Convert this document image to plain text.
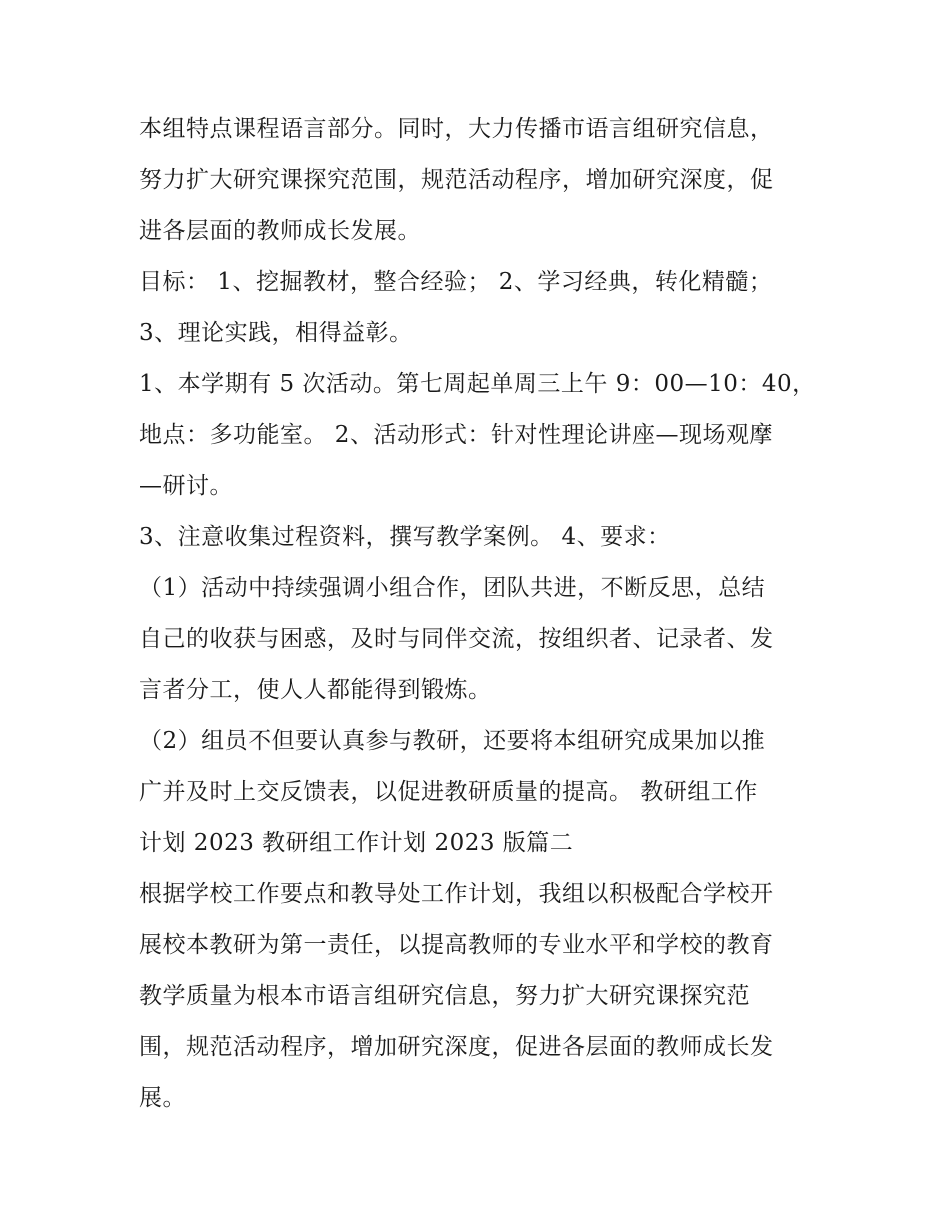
本组特点课程语言部分。同时，大力传播市语言组研究信息，
努力扩大研究课探究范围，规范活动程序，增加研究深度，促
进各层面的教师成长发展。
目标： 1、挖掘教材，整合经验； 2、学习经典，转化精髓；
3、理论实践，相得益彰。
1、本学期有 5 次活动。第七周起单周三上午 9：00—10：40，
地点：多功能室。 2、活动形式：针对性理论讲座—现场观摩
—研讨。
3、注意收集过程资料，撰写教学案例。 4、要求：
（1）活动中持续强调小组合作，团队共进，不断反思，总结
自己的收获与困惑，及时与同伴交流，按组织者、记录者、发
言者分工，使人人都能得到锻炼。
（2）组员不但要认真参与教研，还要将本组研究成果加以推
广并及时上交反馈表，以促进教研质量的提高。 教研组工作
计划 2023 教研组工作计划 2023 版篇二
根据学校工作要点和教导处工作计划，我组以积极配合学校开
展校本教研为第一责任，以提高教师的专业水平和学校的教育
教学质量为根本市语言组研究信息，努力扩大研究课探究范
围，规范活动程序，增加研究深度，促进各层面的教师成长发
展。
